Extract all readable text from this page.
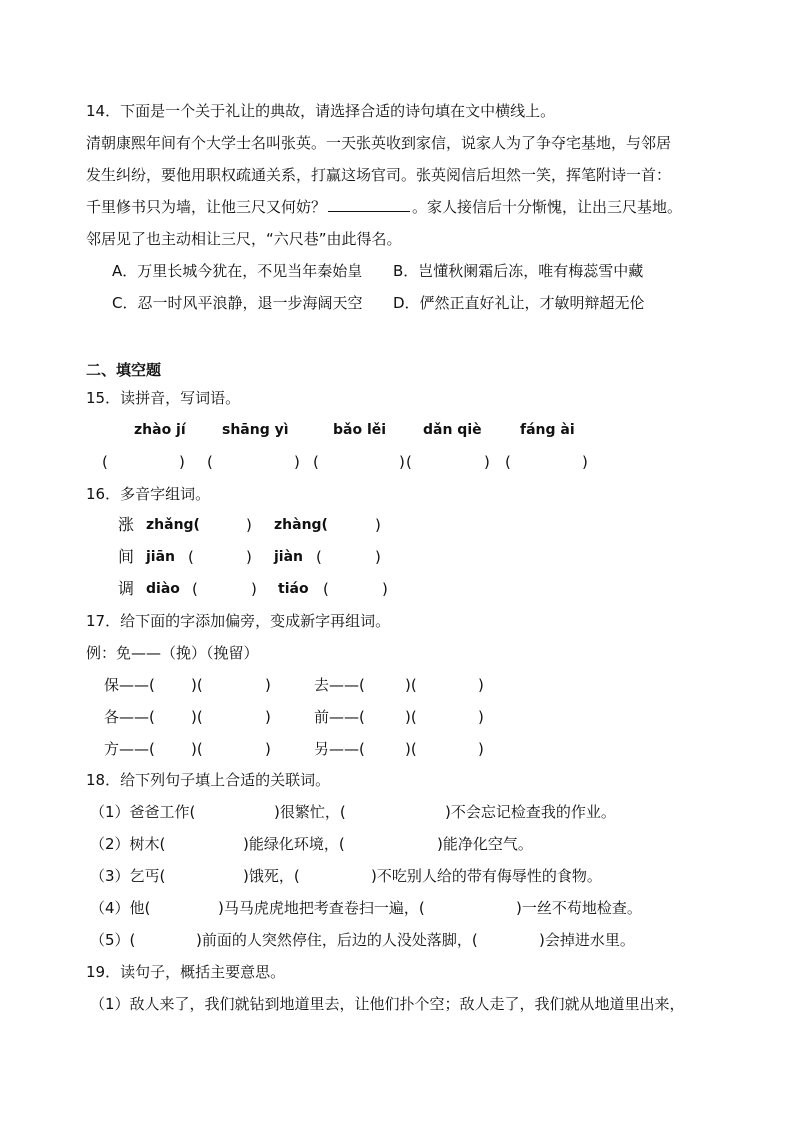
14．下面是一个关于礼让的典故，请选择合适的诗句填在文中横线上。
清朝康熙年间有个大学士名叫张英。一天张英收到家信，说家人为了争夺宅基地，与邻居
发生纠纷，要他用职权疏通关系，打赢这场官司。张英阅信后坦然一笑，挥笔附诗一首：
千里修书只为墙，让他三尺又何妨？	。家人接信后十分惭愧，让出三尺基地。
邻居见了也主动相让三尺，“六尺巷”由此得名。
A．万里长城今犹在，不见当年秦始皇 B．岂懂秋阑霜后冻，唯有梅蕊雪中藏
C．忍一时风平浪静，退一步海阔天空 D．俨然正直好礼让，才敏明辩超无伦
二、填空题
15．读拼音，写词语。
zhào jí	shāng yì	bǎo lěi	dǎn qiè	fáng ài
(	) (	) (	) (	) (	)
16．多音字组词。
涨 zhǎng(	) zhàng(	)
间 jiān (	) jiàn (	)
调 diào (	) tiáo (	)
17．给下面的字添加偏旁，变成新字再组词。
例：免——（挽）（挽留）
保——( )(	)	去——(	)(	)
各——( )(	)	前——(	)(	)
方——( )(	)	另——(	)(	)
18．给下列句子填上合适的关联词。
（1）爸爸工作(	)很繁忙，(	)不会忘记检查我的作业。
（2）树木(	)能绿化环境，(	)能净化空气。
（3）乞丐(	)饿死，(	)不吃别人给的带有侮辱性的食物。
（4）他(	)马马虎虎地把考查卷扫一遍，(	)一丝不苟地检查。
（5）(	)前面的人突然停住，后边的人没处落脚，(	)会掉进水里。
19．读句子，概括主要意思。
（1）敌人来了，我们就钻到地道里去，让他们扑个空；敌人走了，我们就从地道里出来，
